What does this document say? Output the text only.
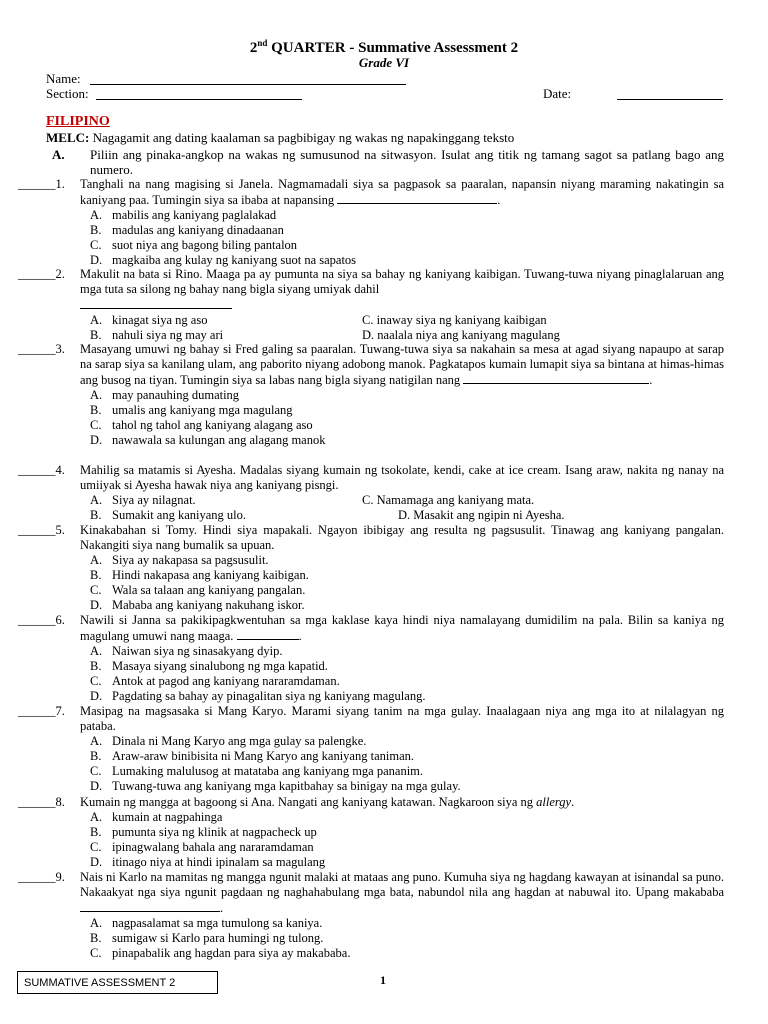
2nd QUARTER - Summative Assessment 2
Grade VI
Name:
Section:	Date:
FILIPINO
MELC: Nagagamit ang dating kaalaman sa pagbibigay ng wakas ng napakinggang teksto
A. Piliin ang pinaka-angkop na wakas ng sumusunod na sitwasyon. Isulat ang titik ng tamang sagot sa patlang bago ang numero.
______1. Tanghali na nang magising si Janela. Nagmamadali siya sa pagpasok sa paaralan, napansin niyang maraming nakatingin sa kaniyang paa. Tumingin siya sa ibaba at napansing	.
A. mabilis ang kaniyang paglalakad
B. madulas ang kaniyang dinadaanan
C. suot niya ang bagong biling pantalon
D. magkaiba ang kulay ng kaniyang suot na sapatos
______2. Makulit na bata si Rino. Maaga pa ay pumunta na siya sa bahay ng kaniyang kaibigan. Tuwang-tuwa niyang pinaglalaruan ang mga tuta sa silong ng bahay nang bigla siyang umiyak dahil
A. kinagat siya ng aso	C. inaway siya ng kaniyang kaibigan
B. nahuli siya ng may ari	D. naalala niya ang kaniyang magulang
______3. Masayang umuwi ng bahay si Fred galing sa paaralan. Tuwang-tuwa siya sa nakahain sa mesa at agad siyang napaupo at sarap na sarap siya sa kanilang ulam, ang paborito niyang adobong manok. Pagkatapos kumain lumapit siya sa bintana at himas-himas ang busog na tiyan. Tumingin siya sa labas nang bigla siyang natigilan nang	.
A. may panauhing dumating
B. umalis ang kaniyang mga magulang
C. tahol ng tahol ang kaniyang alagang aso
D. nawawala sa kulungan ang alagang manok
______4. Mahilig sa matamis si Ayesha. Madalas siyang kumain ng tsokolate, kendi, cake at ice cream. Isang araw, nakita ng nanay na umiiyak si Ayesha hawak niya ang kaniyang pisngi.
A. Siya ay nilagnat.	C. Namamaga ang kaniyang mata.
B. Sumakit ang kaniyang ulo.	D. Masakit ang ngipin ni Ayesha.
______5. Kinakabahan si Tomy. Hindi siya mapakali. Ngayon ibibigay ang resulta ng pagsusulit. Tinawag ang kaniyang pangalan. Nakangiti siya nang bumalik sa upuan.
A. Siya ay nakapasa sa pagsusulit.
B. Hindi nakapasa ang kaniyang kaibigan.
C. Wala sa talaan ang kaniyang pangalan.
D. Mababa ang kaniyang nakuhang iskor.
______6. Nawili si Janna sa pakikipagkwentuhan sa mga kaklase kaya hindi niya namalayang dumidilim na pala. Bilin sa kaniya ng magulang umuwi nang maaga.	.
A. Naiwan siya ng sinasakyang dyip.
B. Masaya siyang sinalubong ng mga kapatid.
C. Antok at pagod ang kaniyang nararamdaman.
D. Pagdating sa bahay ay pinagalitan siya ng kaniyang magulang.
______7. Masipag na magsasaka si Mang Karyo. Marami siyang tanim na mga gulay. Inaalagaan niya ang mga ito at nilalagyan ng pataba.
A. Dinala ni Mang Karyo ang mga gulay sa palengke.
B. Araw-araw binibisita ni Mang Karyo ang kaniyang taniman.
C. Lumaking malulusog at matataba ang kaniyang mga pananim.
D. Tuwang-tuwa ang kaniyang mga kapitbahay sa binigay na mga gulay.
______8. Kumain ng mangga at bagoong si Ana. Nangati ang kaniyang katawan. Nagkaroon siya ng allergy.
A. kumain at nagpahinga
B. pumunta siya ng klinik at nagpacheck up
C. ipinagwalang bahala ang nararamdaman
D. itinago niya at hindi ipinalam sa magulang
______9. Nais ni Karlo na mamitas ng mangga ngunit malaki at mataas ang puno. Kumuha siya ng hagdang kawayan at isinandal sa puno. Nakaakyat nga siya ngunit pagdaan ng naghahabulang mga bata, nabundol nila ang hagdan at nabuwal ito. Upang makababa .
A. nagpasalamat sa mga tumulong sa kaniya.
B. sumigaw si Karlo para humingi ng tulong.
C. pinapabalik ang hagdan para siya ay makababa.
SUMMATIVE ASSESSMENT 2	1
